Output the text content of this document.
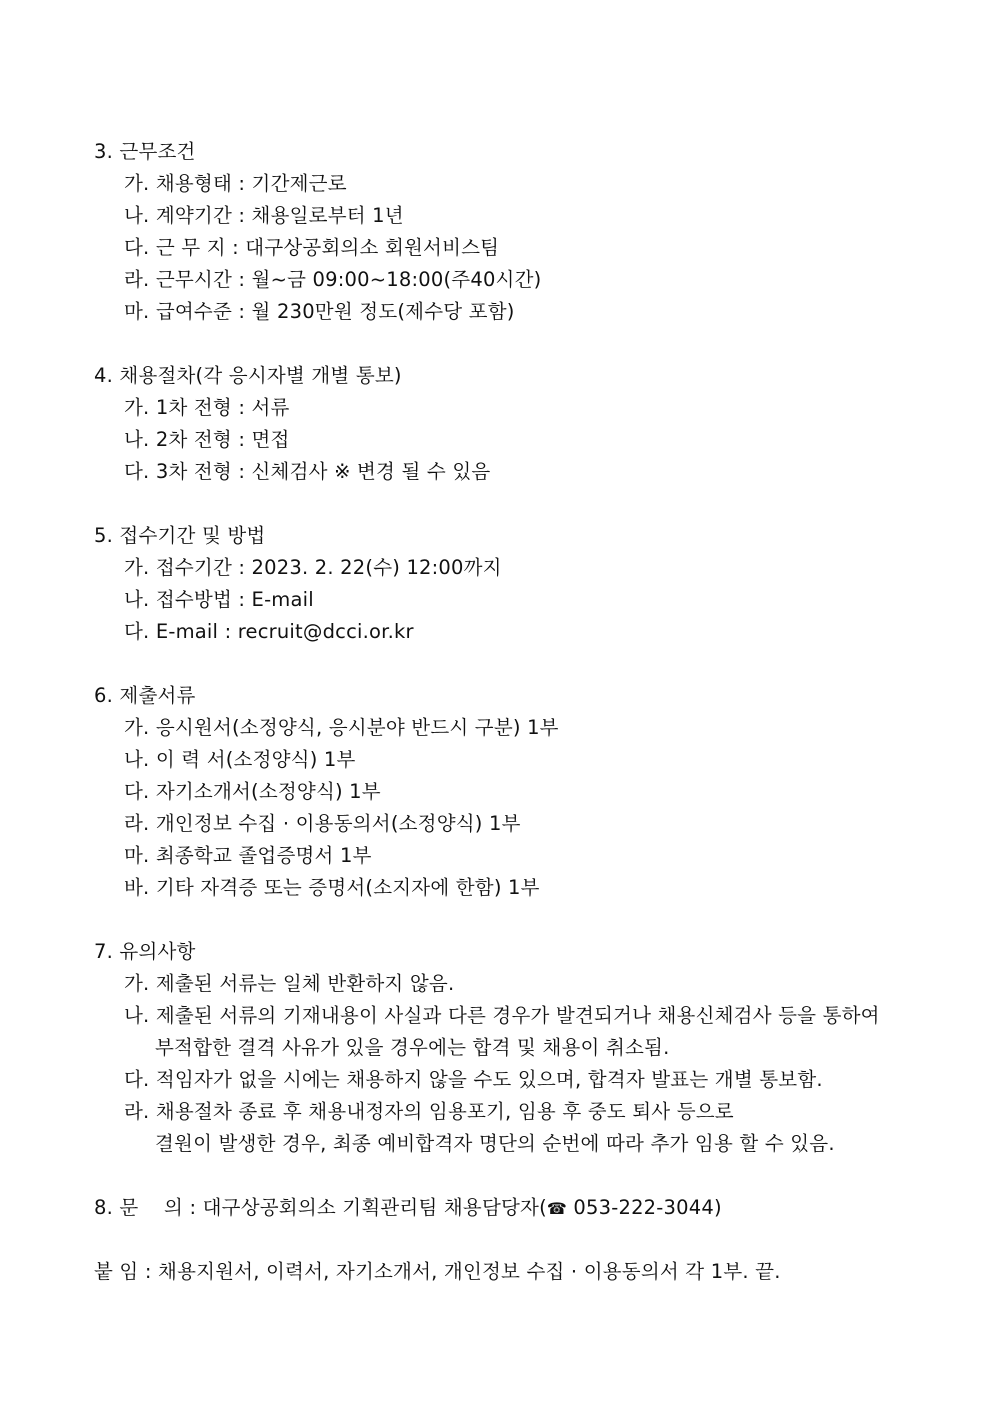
3. 근무조건
가. 채용형태 : 기간제근로
나. 계약기간 : 채용일로부터 1년
다. 근 무 지 : 대구상공회의소 회원서비스팀
라. 근무시간 : 월~금 09:00~18:00(주40시간)
마. 급여수준 : 월 230만원 정도(제수당 포함)
4. 채용절차(각 응시자별 개별 통보)
가. 1차 전형 : 서류
나. 2차 전형 : 면접
다. 3차 전형 : 신체검사 ※ 변경 될 수 있음
5. 접수기간 및 방법
가. 접수기간 : 2023. 2. 22(수) 12:00까지
나. 접수방법 : E-mail
다. E-mail : recruit@dcci.or.kr
6. 제출서류
가. 응시원서(소정양식, 응시분야 반드시 구분) 1부
나. 이 력 서(소정양식) 1부
다. 자기소개서(소정양식) 1부
라. 개인정보 수집 · 이용동의서(소정양식) 1부
마. 최종학교 졸업증명서 1부
바. 기타 자격증 또는 증명서(소지자에 한함) 1부
7. 유의사항
가. 제출된 서류는 일체 반환하지 않음.
나. 제출된 서류의 기재내용이 사실과 다른 경우가 발견되거나 채용신체검사 등을 통하여
부적합한 결격 사유가 있을 경우에는 합격 및 채용이 취소됨.
다. 적임자가 없을 시에는 채용하지 않을 수도 있으며, 합격자 발표는 개별 통보함.
라. 채용절차 종료 후 채용내정자의 임용포기, 임용 후 중도 퇴사 등으로
결원이 발생한 경우, 최종 예비합격자 명단의 순번에 따라 추가 임용 할 수 있음.
8. 문    의 : 대구상공회의소 기획관리팀 채용담당자(☎ 053-222-3044)
붙 임 : 채용지원서, 이력서, 자기소개서, 개인정보 수집 · 이용동의서 각 1부. 끝.
